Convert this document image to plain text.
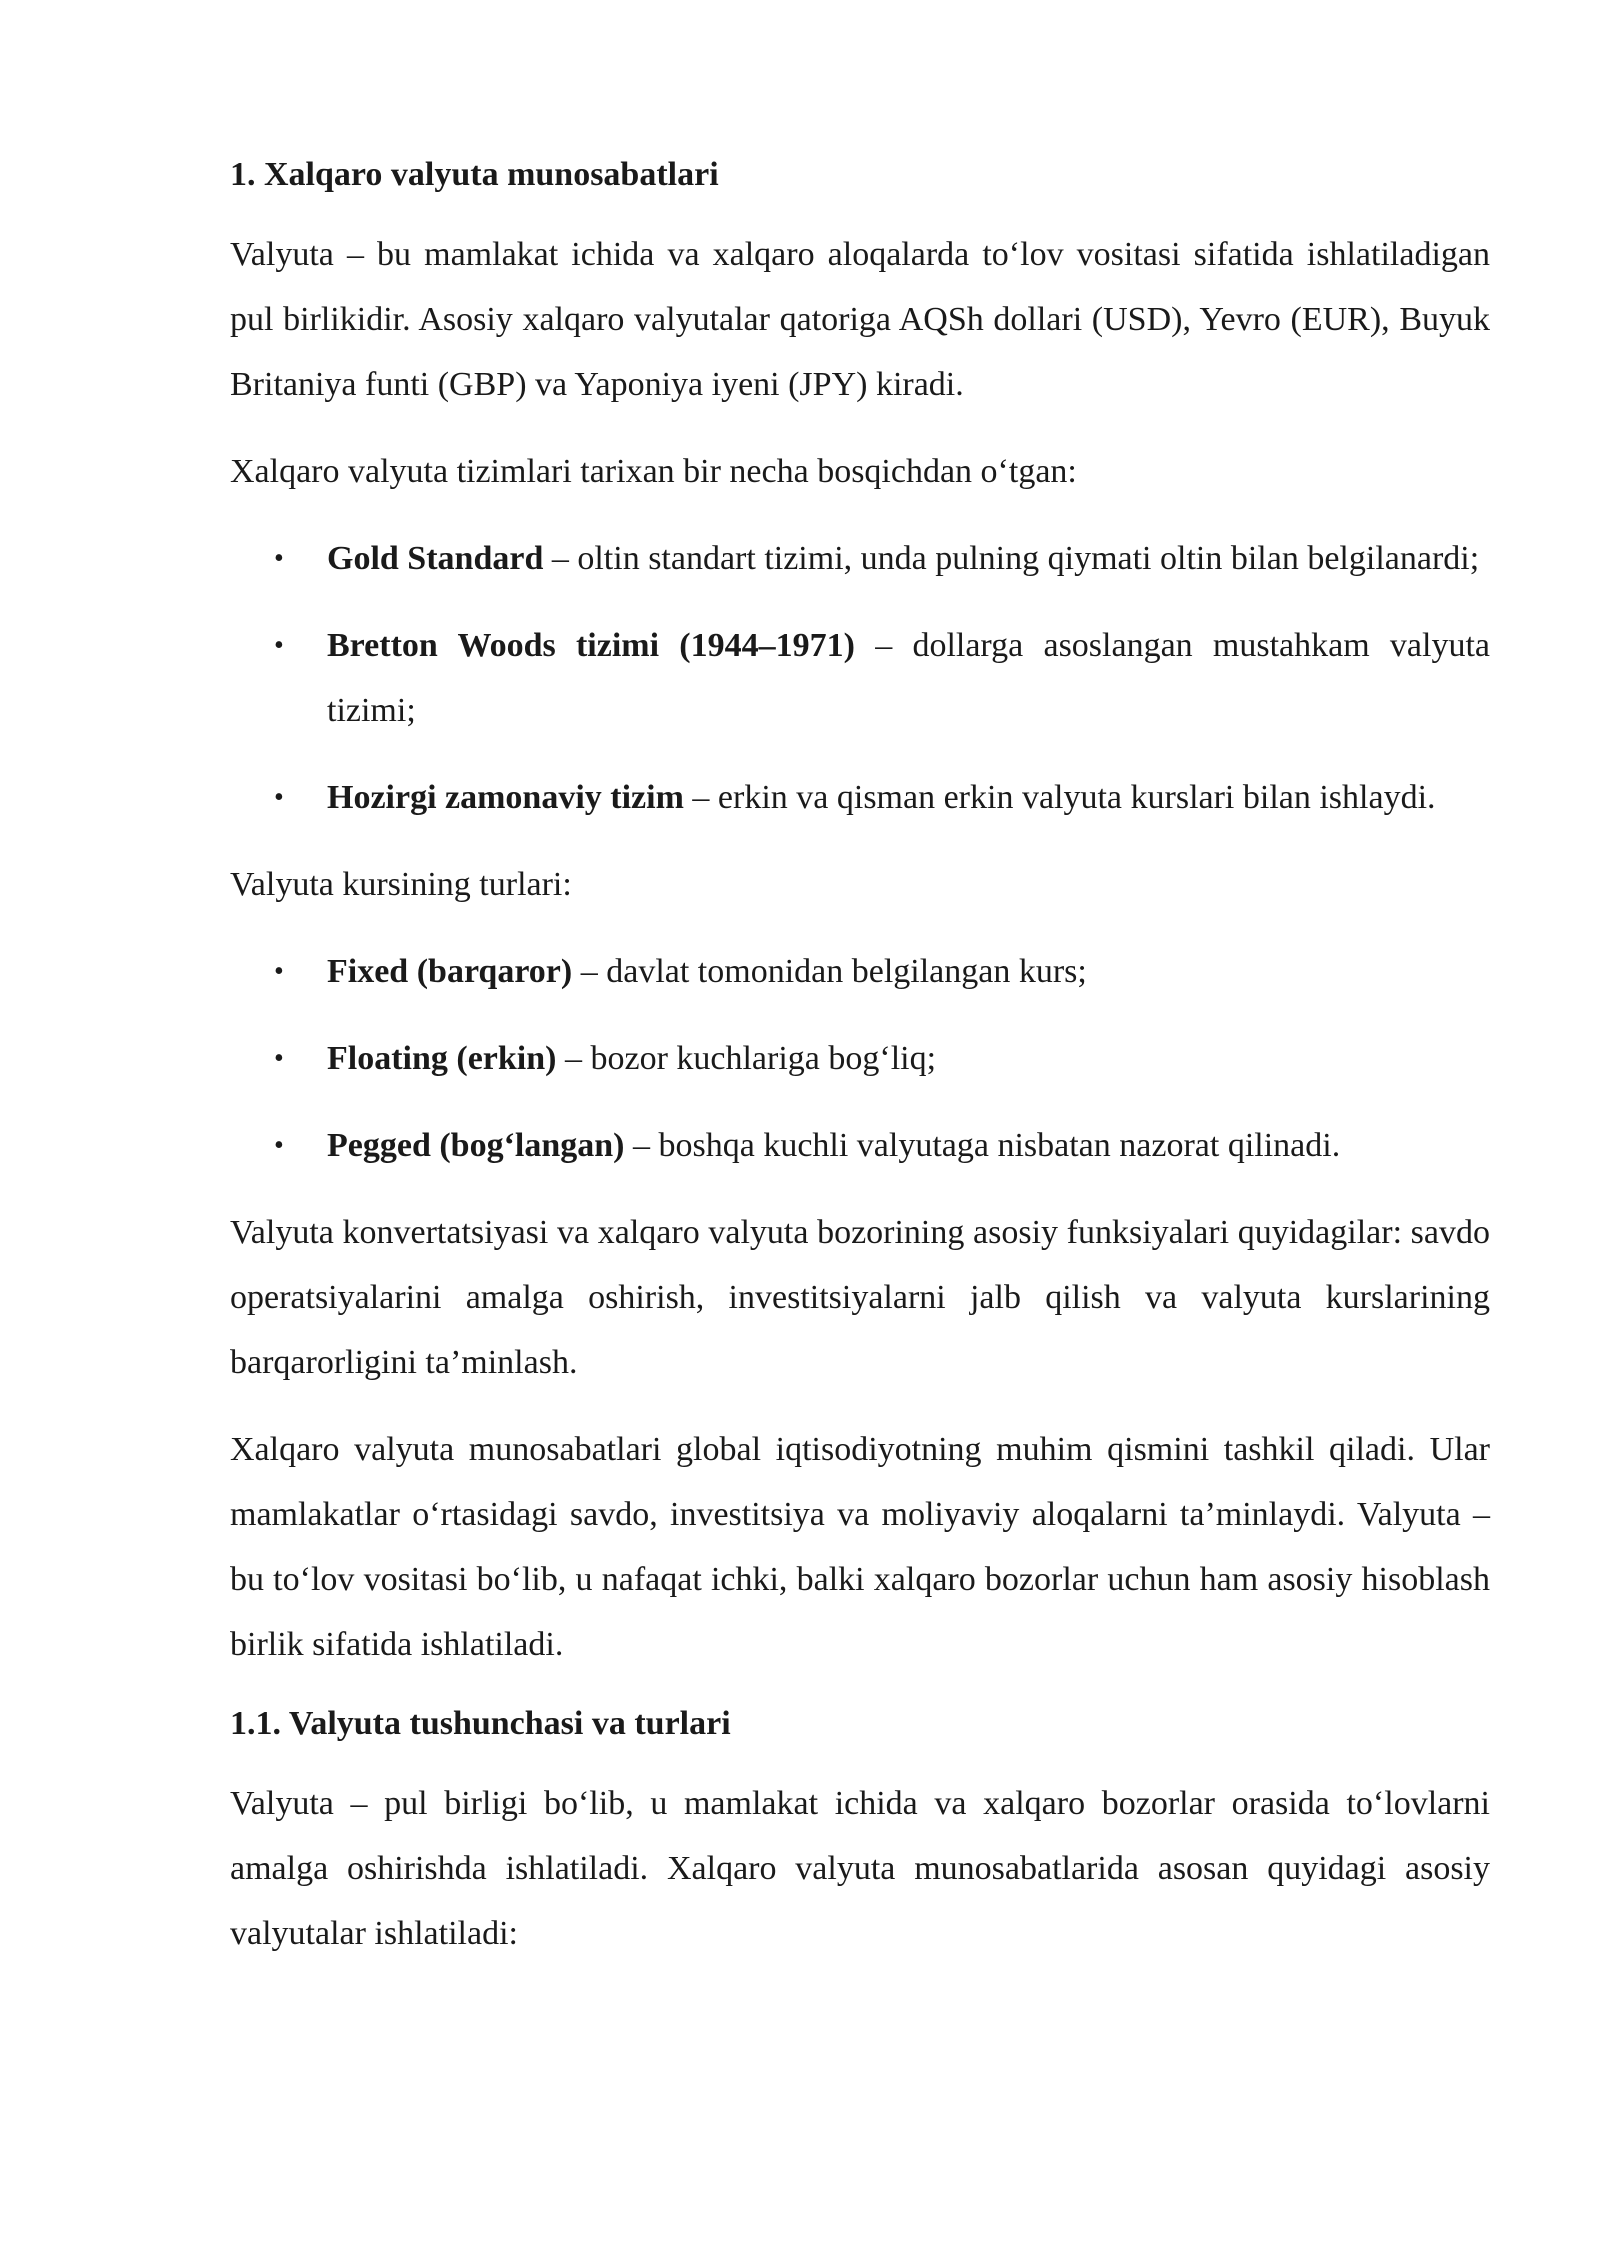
1. Xalqaro valyuta munosabatlari

Valyuta – bu mamlakat ichida va xalqaro aloqalarda to‘lov vositasi sifatida ishlatiladigan pul birlikidir. Asosiy xalqaro valyutalar qatoriga AQSh dollari (USD), Yevro (EUR), Buyuk Britaniya funti (GBP) va Yaponiya iyeni (JPY) kiradi.

Xalqaro valyuta tizimlari tarixan bir necha bosqichdan o‘tgan:

• Gold Standard – oltin standart tizimi, unda pulning qiymati oltin bilan belgilanardi;
• Bretton Woods tizimi (1944–1971) – dollarga asoslangan mustahkam valyuta tizimi;
• Hozirgi zamonaviy tizim – erkin va qisman erkin valyuta kurslari bilan ishlaydi.

Valyuta kursining turlari:

• Fixed (barqaror) – davlat tomonidan belgilangan kurs;
• Floating (erkin) – bozor kuchlariga bog‘liq;
• Pegged (bog‘langan) – boshqa kuchli valyutaga nisbatan nazorat qilinadi.

Valyuta konvertatsiyasi va xalqaro valyuta bozorining asosiy funksiyalari quyidagilar: savdo operatsiyalarini amalga oshirish, investitsiyalarni jalb qilish va valyuta kurslarining barqarorligini ta’minlash.

Xalqaro valyuta munosabatlari global iqtisodiyotning muhim qismini tashkil qiladi. Ular mamlakatlar o‘rtasidagi savdo, investitsiya va moliyaviy aloqalarni ta’minlaydi. Valyuta – bu to‘lov vositasi bo‘lib, u nafaqat ichki, balki xalqaro bozorlar uchun ham asosiy hisoblash birlik sifatida ishlatiladi.

1.1. Valyuta tushunchasi va turlari

Valyuta – pul birligi bo‘lib, u mamlakat ichida va xalqaro bozorlar orasida to‘lovlarni amalga oshirishda ishlatiladi. Xalqaro valyuta munosabatlarida asosan quyidagi asosiy valyutalar ishlatiladi:
